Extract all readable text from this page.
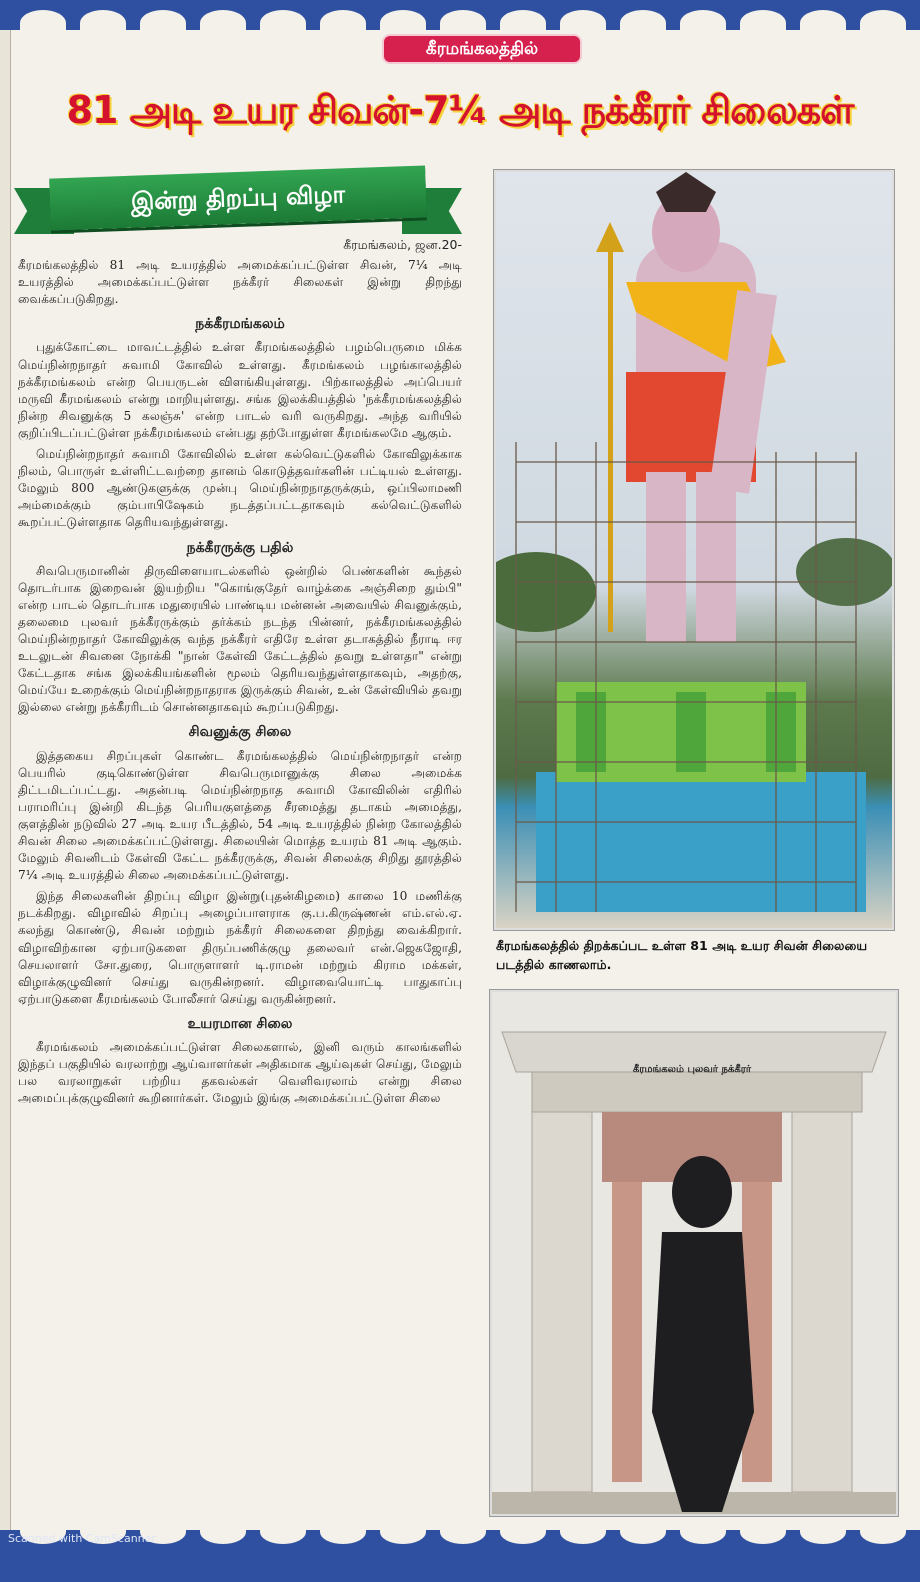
கீரமங்கலத்தில்
81 அடி உயர சிவன்-7¼ அடி நக்கீரர் சிலைகள்
இன்று திறப்பு விழா

கீரமங்கலம், ஜன.20-

கீரமங்கலத்தில் 81 அடி உயரத்தில் அமைக்கப்பட்டுள்ள சிவன், 7¼ அடி உயரத்தில் அமைக்கப்பட்டுள்ள நக்கீரர் சிலைகள் இன்று திறந்து வைக்கப்படுகிறது.

நக்கீரமங்கலம்

புதுக்கோட்டை மாவட்டத்தில் உள்ள கீரமங்கலத்தில் பழம்பெருமை மிக்க மெய்நின்றநாதர் சுவாமி கோவில் உள்ளது. கீரமங்கலம் பழங்காலத்தில் நக்கீரமங்கலம் என்ற பெயருடன் விளங்கியுள்ளது. பிற்காலத்தில் அப்பெயர் மருவி கீரமங்கலம் என்று மாறியுள்ளது. சங்க இலக்கியத்தில் 'நக்கீரமங்கலத்தில் நின்ற சிவனுக்கு 5 கலஞ்சு' என்ற பாடல் வரி வருகிறது. அந்த வரியில் குறிப்பிடப்பட்டுள்ள நக்கீரமங்கலம் என்பது தற்போதுள்ள கீரமங்கலமே ஆகும்.

மெய்நின்றநாதர் சுவாமி கோவிலில் உள்ள கல்வெட்டுகளில் கோவிலுக்காக நிலம், பொருள் உள்ளிட்டவற்றை தானம் கொடுத்தவர்களின் பட்டியல் உள்ளது. மேலும் 800 ஆண்டுகளுக்கு முன்பு மெய்நின்றநாதருக்கும், ஒப்பிலாமணி அம்மைக்கும் கும்பாபிஷேகம் நடத்தப்பட்டதாகவும் கல்வெட்டுகளில் கூறப்பட்டுள்ளதாக தெரியவந்துள்ளது.

நக்கீரருக்கு பதில்

சிவபெருமானின் திருவிளையாடல்களில் ஒன்றில் பெண்களின் கூந்தல் தொடர்பாக இறைவன் இயற்றிய "கொங்குதேர் வாழ்க்கை அஞ்சிறை தும்பி" என்ற பாடல் தொடர்பாக மதுரையில் பாண்டிய மன்னன் அவையில் சிவனுக்கும், தலைமை புலவர் நக்கீரருக்கும் தர்க்கம் நடந்த பின்னர், நக்கீரமங்கலத்தில் மெய்நின்றநாதர் கோவிலுக்கு வந்த நக்கீரர் எதிரே உள்ள தடாகத்தில் நீராடி ஈர உடலுடன் சிவனை நோக்கி "நான் கேள்வி கேட்டத்தில் தவறு உள்ளதா" என்று கேட்டதாக சங்க இலக்கியங்களின் மூலம் தெரியவந்துள்ளதாகவும், அதற்கு, மெய்யே உறைக்கும் மெய்நின்றநாதராக இருக்கும் சிவன், உன் கேள்வியில் தவறு இல்லை என்று நக்கீரரிடம் சொன்னதாகவும் கூறப்படுகிறது.

சிவனுக்கு சிலை

இத்தகைய சிறப்புகள் கொண்ட கீரமங்கலத்தில் மெய்நின்றநாதர் என்ற பெயரில் குடிகொண்டுள்ள சிவபெருமானுக்கு சிலை அமைக்க திட்டமிடப்பட்டது. அதன்படி மெய்நின்றநாத சுவாமி கோவிலின் எதிரில் பராமரிப்பு இன்றி கிடந்த பெரியகுளத்தை சீரமைத்து தடாகம் அமைத்து, குளத்தின் நடுவில் 27 அடி உயர பீடத்தில், 54 அடி உயரத்தில் நின்ற கோலத்தில் சிவன் சிலை அமைக்கப்பட்டுள்ளது. சிலையின் மொத்த உயரம் 81 அடி ஆகும். மேலும் சிவனிடம் கேள்வி கேட்ட நக்கீரருக்கு, சிவன் சிலைக்கு சிறிது தூரத்தில் 7¼ அடி உயரத்தில் சிலை அமைக்கப்பட்டுள்ளது.

இந்த சிலைகளின் திறப்பு விழா இன்று(புதன்கிழமை) காலை 10 மணிக்கு நடக்கிறது. விழாவில் சிறப்பு அழைப்பாளராக கு.ப.கிருஷ்ணன் எம்.எல்.ஏ. கலந்து கொண்டு, சிவன் மற்றும் நக்கீரர் சிலைகளை திறந்து வைக்கிறார். விழாவிற்கான ஏற்பாடுகளை திருப்பணிக்குழு தலைவர் என்.ஜெகஜோதி, செயலாளர் சோ.துரை, பொருளாளர் டி.ராமன் மற்றும் கிராம மக்கள், விழாக்குழுவினர் செய்து வருகின்றனர். விழாவையொட்டி பாதுகாப்பு ஏற்பாடுகளை கீரமங்கலம் போலீசார் செய்து வருகின்றனர்.

உயரமான சிலை

கீரமங்கலம் அமைக்கப்பட்டுள்ள சிலைகளால், இனி வரும் காலங்களில் இந்தப் பகுதியில் வரலாற்று ஆய்வாளர்கள் அதிகமாக ஆய்வுகள் செய்து, மேலும் பல வரலாறுகள் பற்றிய தகவல்கள் வெளிவரலாம் என்று சிலை அமைப்புக்குழுவினர் கூறினார்கள். மேலும் இங்கு அமைக்கப்பட்டுள்ள சிலை

கீரமங்கலத்தில் திறக்கப்பட உள்ள 81 அடி உயர சிவன் சிலையை படத்தில் காணலாம்.
கீரமங்கலம் புலவர் நக்கீரர்
Scanned with CamScanner
